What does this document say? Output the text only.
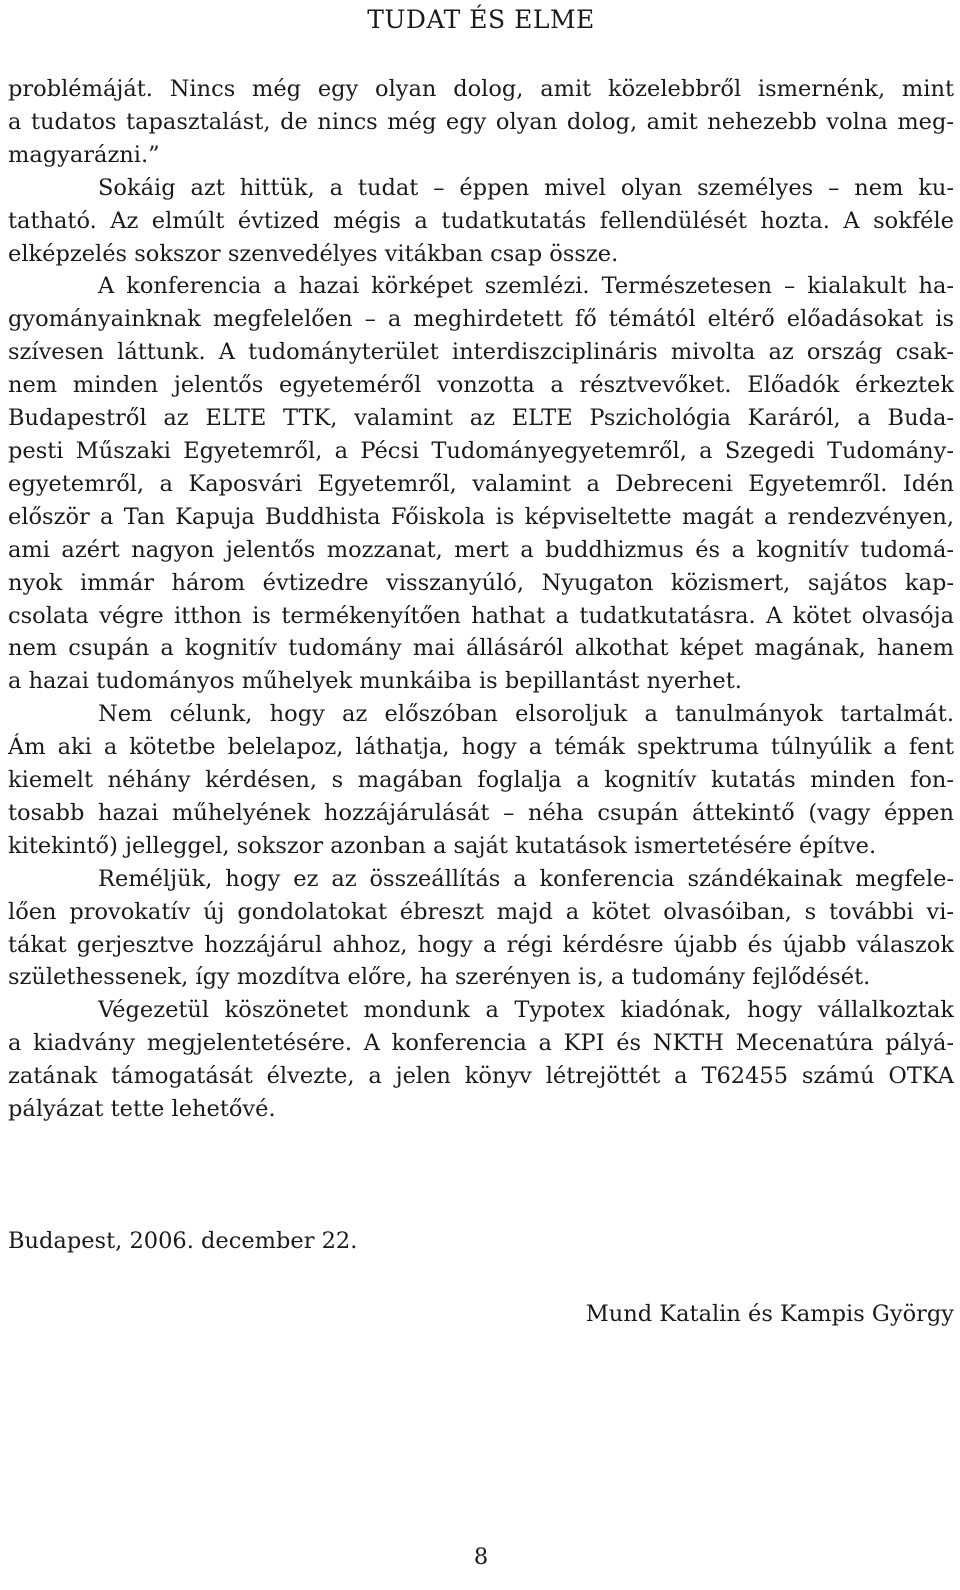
TUDAT ÉS ELME

problémáját. Nincs még egy olyan dolog, amit közelebbről ismernénk, mint
a tudatos tapasztalást, de nincs még egy olyan dolog, amit nehezebb volna meg-
magyarázni.”

Sokáig azt hittük, a tudat – éppen mivel olyan személyes – nem ku-
tatható. Az elmúlt évtized mégis a tudatkutatás fellendülését hozta. A sokféle
elképzelés sokszor szenvedélyes vitákban csap össze.

A konferencia a hazai körképet szemlézi. Természetesen – kialakult ha-
gyományainknak megfelelően – a meghirdetett fő témától eltérő előadásokat is
szívesen láttunk. A tudományterület interdiszciplináris mivolta az ország csak-
nem minden jelentős egyeteméről vonzotta a résztvevőket. Előadók érkeztek
Budapestről az ELTE TTK, valamint az ELTE Pszichológia Karáról, a Buda-
pesti Műszaki Egyetemről, a Pécsi Tudományegyetemről, a Szegedi Tudomány-
egyetemről, a Kaposvári Egyetemről, valamint a Debreceni Egyetemről. Idén
először a Tan Kapuja Buddhista Főiskola is képviseltette magát a rendezvényen,
ami azért nagyon jelentős mozzanat, mert a buddhizmus és a kognitív tudomá-
nyok immár három évtizedre visszanyúló, Nyugaton közismert, sajátos kap-
csolata végre itthon is termékenyítően hathat a tudatkutatásra. A kötet olvasója
nem csupán a kognitív tudomány mai állásáról alkothat képet magának, hanem
a hazai tudományos műhelyek munkáiba is bepillantást nyerhet.

Nem célunk, hogy az előszóban elsoroljuk a tanulmányok tartalmát.
Ám aki a kötetbe belelapoz, láthatja, hogy a témák spektruma túlnyúlik a fent
kiemelt néhány kérdésen, s magában foglalja a kognitív kutatás minden fon-
tosabb hazai műhelyének hozzájárulását – néha csupán áttekintő (vagy éppen
kitekintő) jelleggel, sokszor azonban a saját kutatások ismertetésére építve.

Reméljük, hogy ez az összeállítás a konferencia szándékainak megfele-
lően provokatív új gondolatokat ébreszt majd a kötet olvasóiban, s további vi-
tákat gerjesztve hozzájárul ahhoz, hogy a régi kérdésre újabb és újabb válaszok
születhessenek, így mozdítva előre, ha szerényen is, a tudomány fejlődését.

Végezetül köszönetet mondunk a Typotex kiadónak, hogy vállalkoztak
a kiadvány megjelentetésére. A konferencia a KPI és NKTH Mecenatúra pályá-
zatának támogatását élvezte, a jelen könyv létrejöttét a T62455 számú OTKA
pályázat tette lehetővé.

Budapest, 2006. december 22.
Mund Katalin és Kampis György
8
